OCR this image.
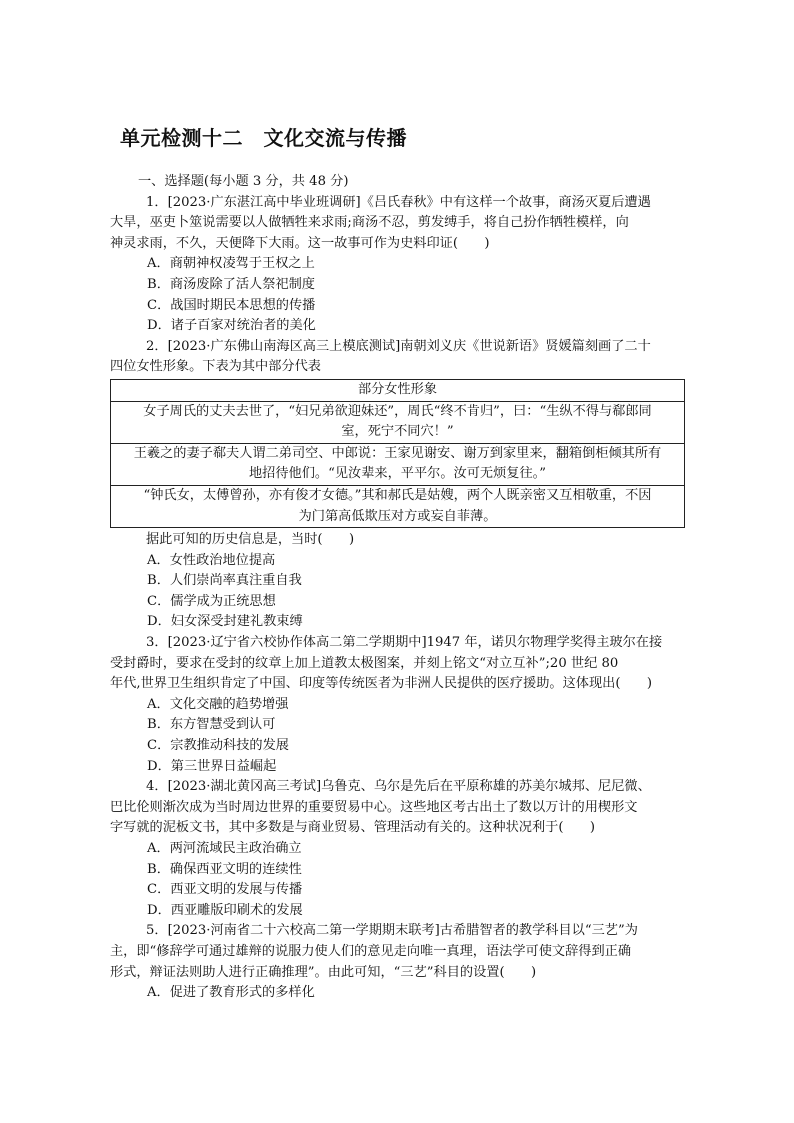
单元检测十二　文化交流与传播
一、选择题(每小题 3 分，共 48 分)
1．[2023·广东湛江高中毕业班调研]《吕氏春秋》中有这样一个故事，商汤灭夏后遭遇
大旱，巫吏卜筮说需要以人做牺牲来求雨;商汤不忍，剪发缚手，将自己扮作牺牲模样，向
神灵求雨，不久，天便降下大雨。这一故事可作为史料印证(　　)
A．商朝神权凌驾于王权之上
B．商汤废除了活人祭祀制度
C．战国时期民本思想的传播
D．诸子百家对统治者的美化
2．[2023·广东佛山南海区高三上模底测试]南朝刘义庆《世说新语》贤媛篇刻画了二十
四位女性形象。下表为其中部分代表
部分女性形象

女子周氏的丈夫去世了，“妇兄弟欲迎妹还”，周氏“终不肯归”，曰：“生纵不得与郗郎同
室，死宁不同穴！”

王羲之的妻子郗夫人谓二弟司空、中郎说：王家见谢安、谢万到家里来，翻箱倒柜倾其所有
地招待他们。“见汝辈来，平平尔。汝可无烦复往。”

“钟氏女，太傅曾孙，亦有俊才女德。”其和郝氏是姑嫂，两个人既亲密又互相敬重，不因
为门第高低欺压对方或妄自菲薄。
据此可知的历史信息是，当时(　　)
A．女性政治地位提高
B．人们崇尚率真注重自我
C．儒学成为正统思想
D．妇女深受封建礼教束缚
3．[2023·辽宁省六校协作体高二第二学期期中]1947 年，诺贝尔物理学奖得主玻尔在接
受封爵时，要求在受封的纹章上加上道教太极图案，并刻上铭文“对立互补”;20 世纪 80
年代,世界卫生组织肯定了中国、印度等传统医者为非洲人民提供的医疗援助。这体现出(　　)
A．文化交融的趋势增强
B．东方智慧受到认可
C．宗教推动科技的发展
D．第三世界日益崛起
4．[2023·湖北黄冈高三考试]乌鲁克、乌尔是先后在平原称雄的苏美尔城邦、尼尼微、
巴比伦则渐次成为当时周边世界的重要贸易中心。这些地区考古出土了数以万计的用楔形文
字写就的泥板文书，其中多数是与商业贸易、管理活动有关的。这种状况利于(　　)
A．两河流域民主政治确立
B．确保西亚文明的连续性
C．西亚文明的发展与传播
D．西亚雕版印刷术的发展
5．[2023·河南省二十六校高二第一学期期末联考]古希腊智者的教学科目以“三艺”为
主，即“修辞学可通过雄辩的说服力使人们的意见走向唯一真理，语法学可使文辞得到正确
形式，辩证法则助人进行正确推理”。由此可知，“三艺”科目的设置(　　)
A．促进了教育形式的多样化
